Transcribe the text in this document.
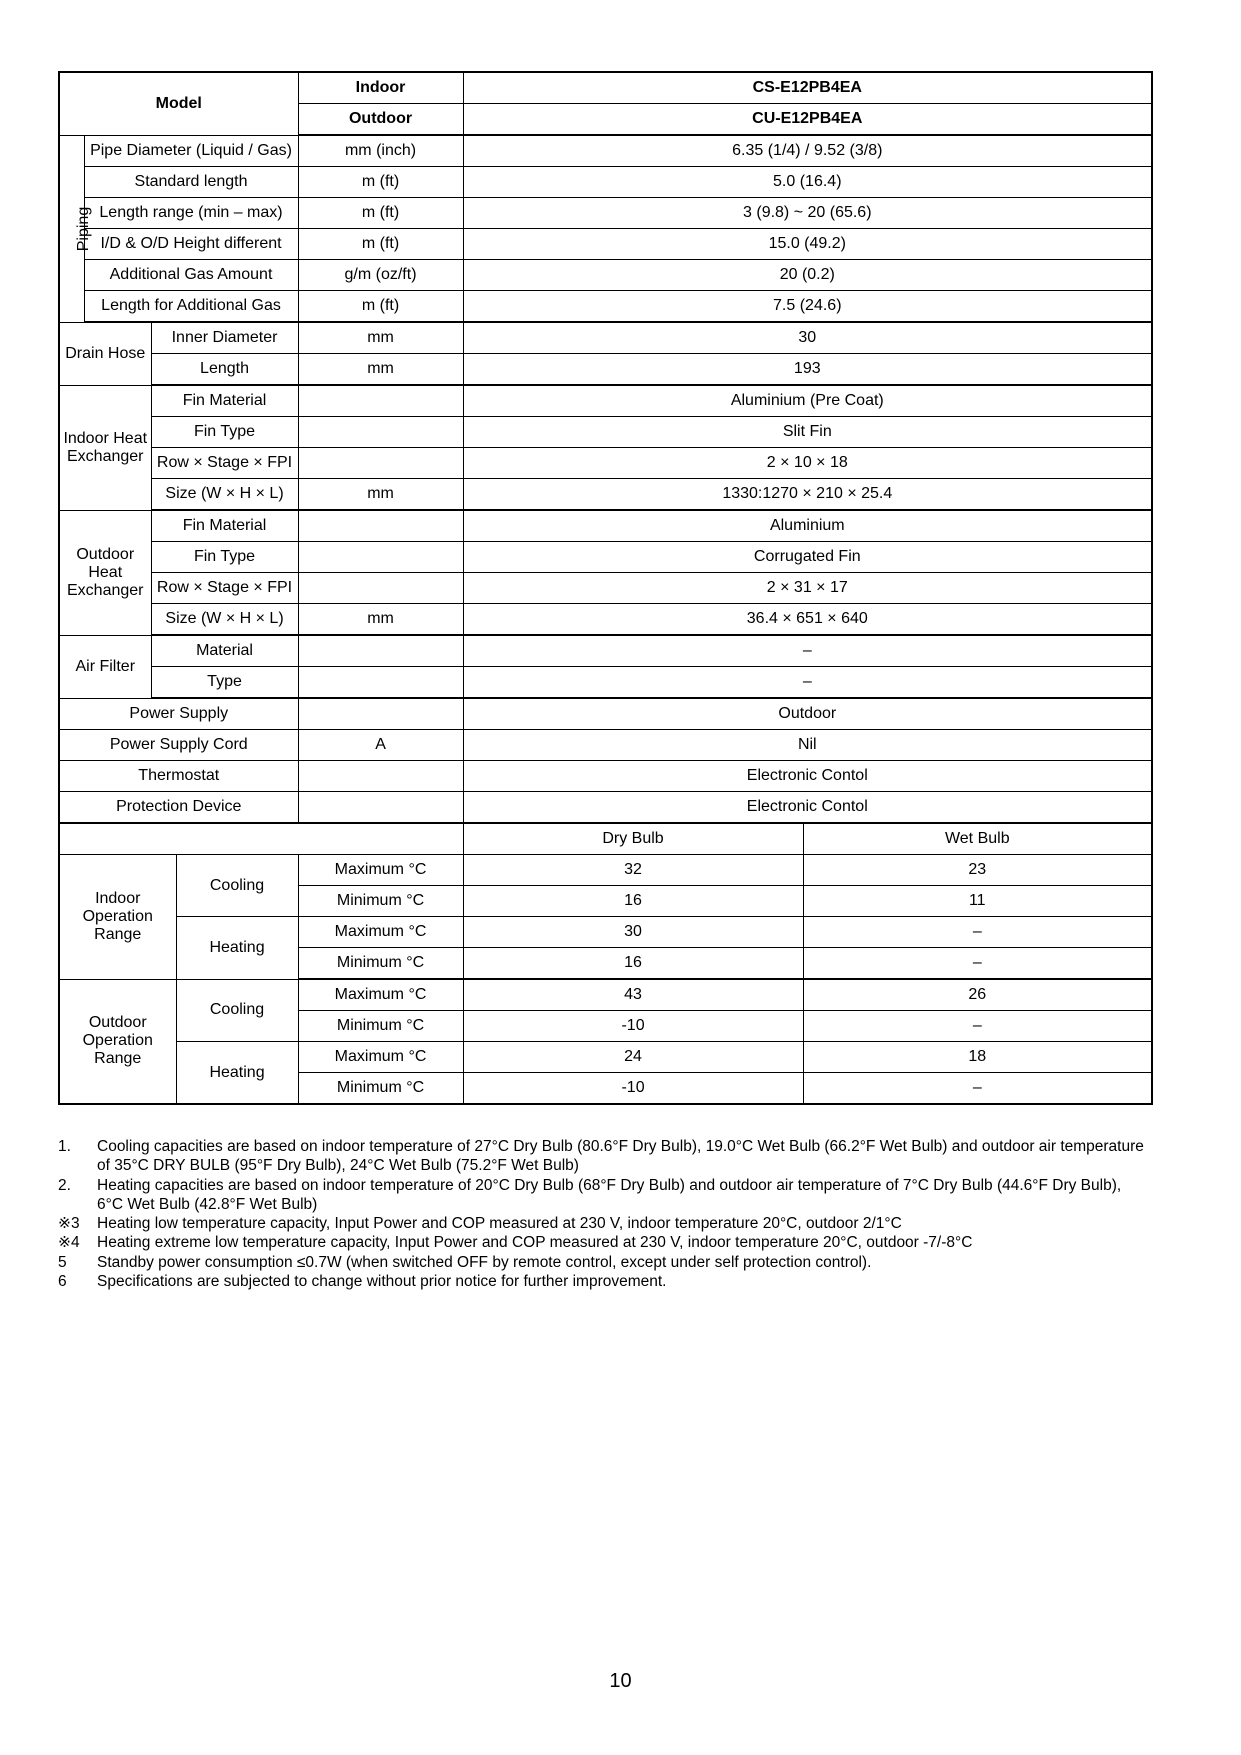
Model				Indoor	CS-E12PB4EA	
				Outdoor	CU-E12PB4EA	
Piping	Pipe Diameter (Liquid / Gas)			mm (inch)	6.35 (1/4) / 9.52 (3/8)	
	Standard length			m (ft)	5.0 (16.4)	
	Length range (min – max)			m (ft)	3 (9.8) ~ 20 (65.6)	
	I/D & O/D Height different			m (ft)	15.0 (49.2)	
	Additional Gas Amount			g/m (oz/ft)	20 (0.2)	
	Length for Additional Gas			m (ft)	7.5 (24.6)	
Drain Hose		Inner Diameter		mm	30	
		Length		mm	193	
Indoor Heat Exchanger		Fin Material			Aluminium (Pre Coat)	
		Fin Type			Slit Fin	
		Row × Stage × FPI			2 × 10 × 18	
		Size (W × H × L)		mm	1330:1270 × 210 × 25.4	
Outdoor Heat Exchanger		Fin Material			Aluminium	
		Fin Type			Corrugated Fin	
		Row × Stage × FPI			2 × 31 × 17	
		Size (W × H × L)		mm	36.4 × 651 × 640	
Air Filter		Material			–	
		Type			–	
Power Supply					Outdoor	
Power Supply Cord				A	Nil	
Thermostat					Electronic Contol	
Protection Device					Electronic Contol	
					Dry Bulb	Wet Bulb
Indoor Operation Range			Cooling	Maximum °C	32	23
				Minimum °C	16	11
			Heating	Maximum °C	30	–
				Minimum °C	16	–
Outdoor Operation Range			Cooling	Maximum °C	43	26
				Minimum °C	-10	–
			Heating	Maximum °C	24	18
				Minimum °C	-10	–
1.	Cooling capacities are based on indoor temperature of 27°C Dry Bulb (80.6°F Dry Bulb), 19.0°C Wet Bulb (66.2°F Wet Bulb) and outdoor air temperature of 35°C DRY BULB (95°F Dry Bulb), 24°C Wet Bulb (75.2°F Wet Bulb)
2.	Heating capacities are based on indoor temperature of 20°C Dry Bulb (68°F Dry Bulb) and outdoor air temperature of 7°C Dry Bulb (44.6°F Dry Bulb), 6°C Wet Bulb (42.8°F Wet Bulb)
※3	Heating low temperature capacity, Input Power and COP measured at 230 V, indoor temperature 20°C, outdoor 2/1°C
※4	Heating extreme low temperature capacity, Input Power and COP measured at 230 V, indoor temperature 20°C, outdoor -7/-8°C
5	Standby power consumption ≤0.7W (when switched OFF by remote control, except under self protection control).
6	Specifications are subjected to change without prior notice for further improvement.
10
